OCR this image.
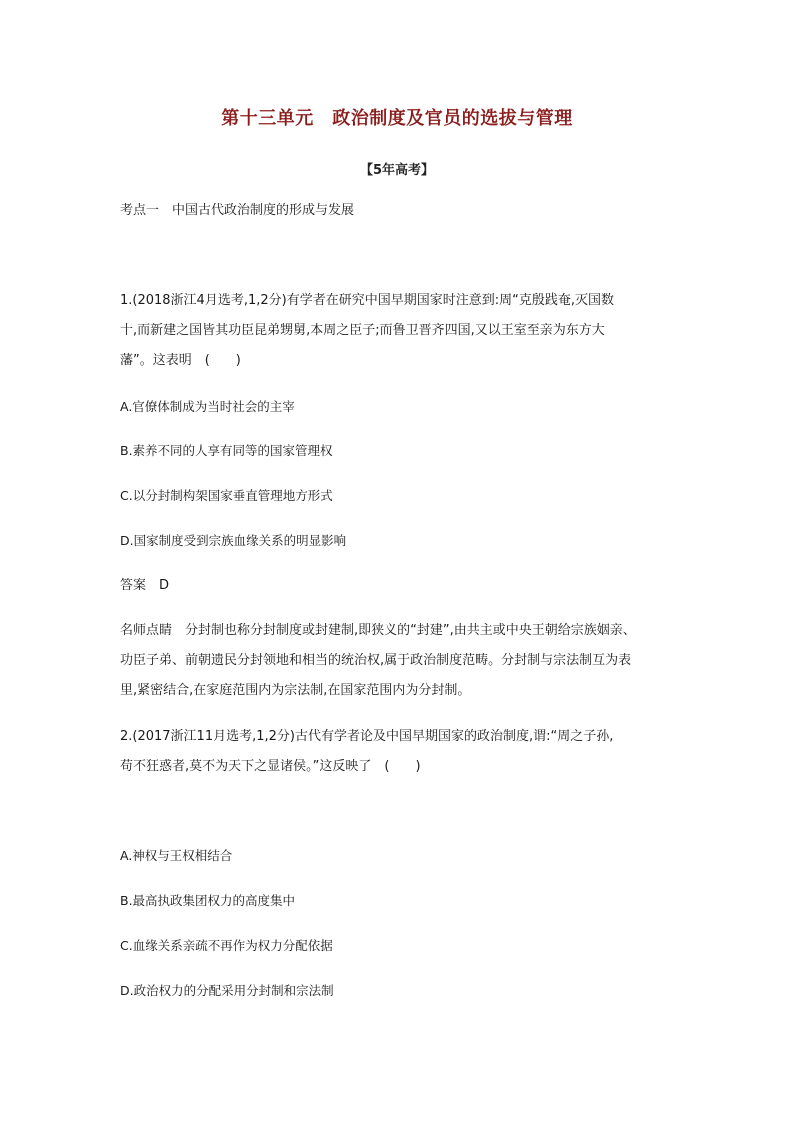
第十三单元　政治制度及官员的选拔与管理
【5年高考】
考点一　中国古代政治制度的形成与发展
1.(2018浙江4月选考,1,2分)有学者在研究中国早期国家时注意到:周“克殷践奄,灭国数
十,而新建之国皆其功臣昆弟甥舅,本周之臣子;而鲁卫晋齐四国,又以王室至亲为东方大
藩”。这表明　(　　)
A.官僚体制成为当时社会的主宰
B.素养不同的人享有同等的国家管理权
C.以分封制构架国家垂直管理地方形式
D.国家制度受到宗族血缘关系的明显影响
答案　D
名师点睛　分封制也称分封制度或封建制,即狭义的“封建”,由共主或中央王朝给宗族姻亲、
功臣子弟、前朝遗民分封领地和相当的统治权,属于政治制度范畴。分封制与宗法制互为表
里,紧密结合,在家庭范围内为宗法制,在国家范围内为分封制。
2.(2017浙江11月选考,1,2分)古代有学者论及中国早期国家的政治制度,谓:“周之子孙,
苟不狂惑者,莫不为天下之显诸侯。”这反映了　(　　)
A.神权与王权相结合
B.最高执政集团权力的高度集中
C.血缘关系亲疏不再作为权力分配依据
D.政治权力的分配采用分封制和宗法制
